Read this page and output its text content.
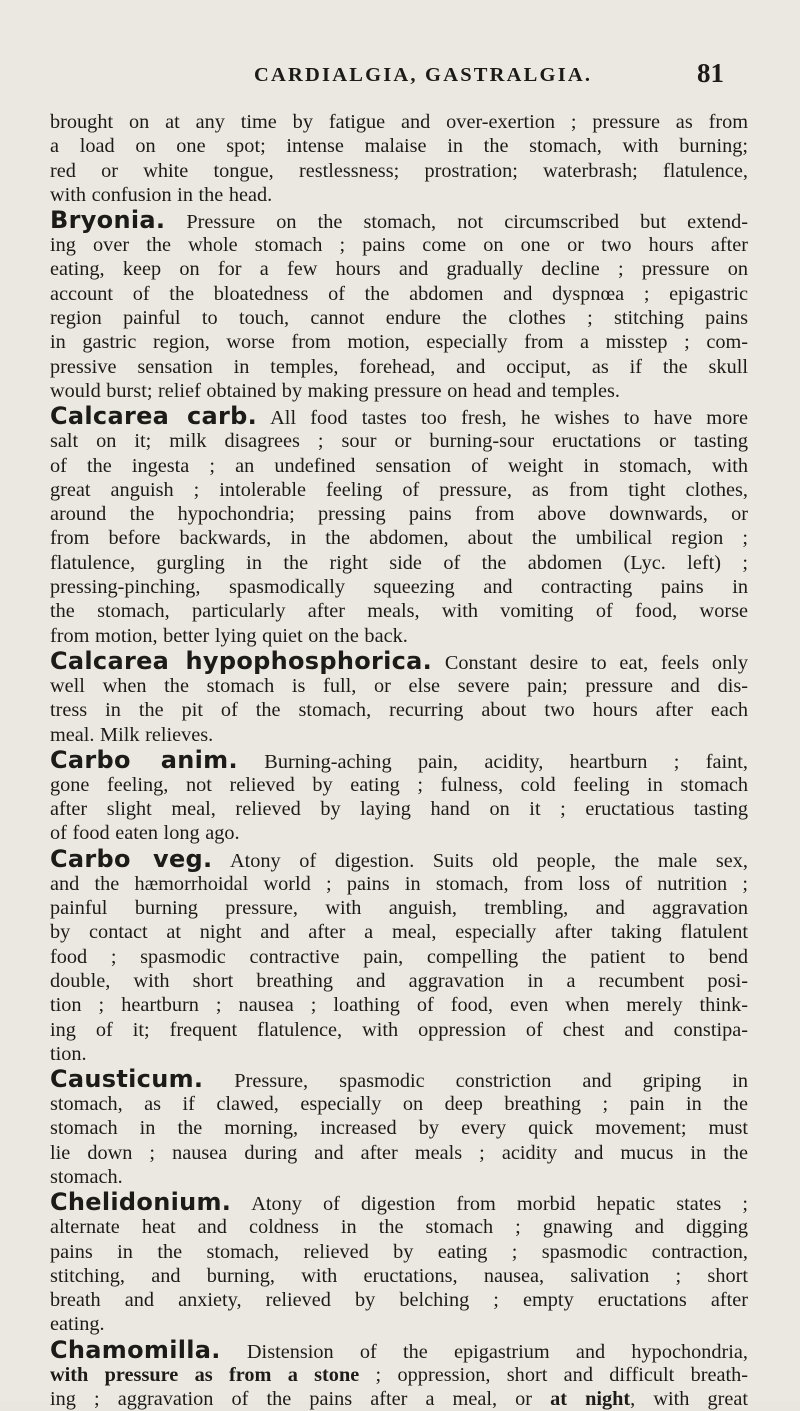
CARDIALGIA, GASTRALGIA.	81
brought on at any time by fatigue and over-exertion ; pressure as from
a load on one spot; intense malaise in the stomach, with burning;
red or white tongue, restlessness; prostration; waterbrash; flatulence,
with confusion in the head.
Bryonia. Pressure on the stomach, not circumscribed but extend-
ing over the whole stomach ; pains come on one or two hours after
eating, keep on for a few hours and gradually decline ; pressure on
account of the bloatedness of the abdomen and dyspnœa ; epigastric
region painful to touch, cannot endure the clothes ; stitching pains
in gastric region, worse from motion, especially from a misstep ; com-
pressive sensation in temples, forehead, and occiput, as if the skull
would burst; relief obtained by making pressure on head and temples.
Calcarea carb. All food tastes too fresh, he wishes to have more
salt on it; milk disagrees ; sour or burning-sour eructations or tasting
of the ingesta ; an undefined sensation of weight in stomach, with
great anguish ; intolerable feeling of pressure, as from tight clothes,
around the hypochondria; pressing pains from above downwards, or
from before backwards, in the abdomen, about the umbilical region ;
flatulence, gurgling in the right side of the abdomen (Lyc. left) ;
pressing-pinching, spasmodically squeezing and contracting pains in
the stomach, particularly after meals, with vomiting of food, worse
from motion, better lying quiet on the back.
Calcarea hypophosphorica. Constant desire to eat, feels only
well when the stomach is full, or else severe pain; pressure and dis-
tress in the pit of the stomach, recurring about two hours after each
meal. Milk relieves.
Carbo anim. Burning-aching pain, acidity, heartburn ; faint,
gone feeling, not relieved by eating ; fulness, cold feeling in stomach
after slight meal, relieved by laying hand on it ; eructatious tasting
of food eaten long ago.
Carbo veg. Atony of digestion. Suits old people, the male sex,
and the hæmorrhoidal world ; pains in stomach, from loss of nutrition ;
painful burning pressure, with anguish, trembling, and aggravation
by contact at night and after a meal, especially after taking flatulent
food ; spasmodic contractive pain, compelling the patient to bend
double, with short breathing and aggravation in a recumbent posi-
tion ; heartburn ; nausea ; loathing of food, even when merely think-
ing of it; frequent flatulence, with oppression of chest and constipa-
tion.
Causticum. Pressure, spasmodic constriction and griping in
stomach, as if clawed, especially on deep breathing ; pain in the
stomach in the morning, increased by every quick movement; must
lie down ; nausea during and after meals ; acidity and mucus in the
stomach.
Chelidonium. Atony of digestion from morbid hepatic states ;
alternate heat and coldness in the stomach ; gnawing and digging
pains in the stomach, relieved by eating ; spasmodic contraction,
stitching, and burning, with eructations, nausea, salivation ; short
breath and anxiety, relieved by belching ; empty eructations after
eating.
Chamomilla. Distension of the epigastrium and hypochondria,
with pressure as from a stone ; oppression, short and difficult breath-
ing ; aggravation of the pains after a meal, or at night, with great
